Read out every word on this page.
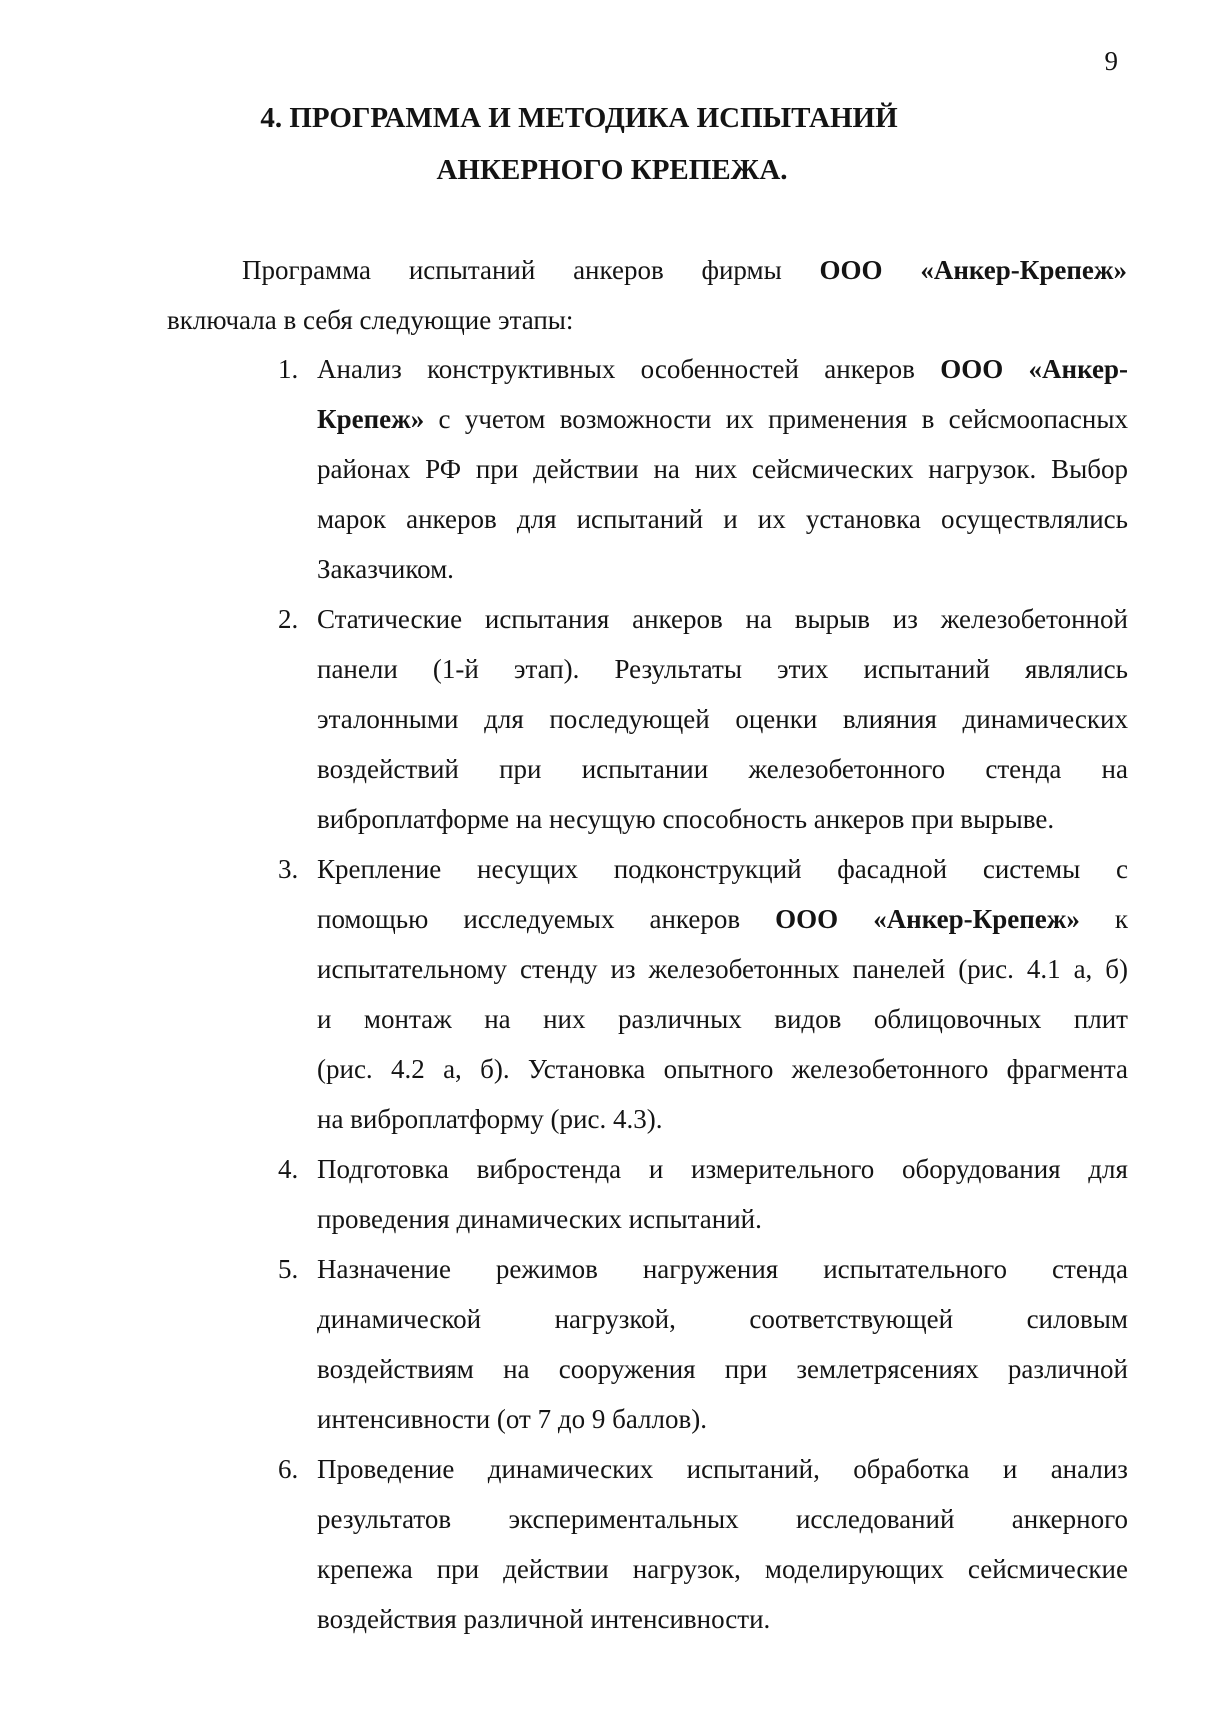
9
4. ПРОГРАММА И МЕТОДИКА ИСПЫТАНИЙ
АНКЕРНОГО КРЕПЕЖА.
Программа испытаний анкеров фирмы ООО «Анкер-Крепеж»
включала в себя следующие этапы:
1. Анализ конструктивных особенностей анкеров ООО «Анкер-
Крепеж» с учетом возможности их применения в сейсмоопасных
районах РФ при действии на них сейсмических нагрузок. Выбор
марок анкеров для испытаний и их установка осуществлялись
Заказчиком.
2. Статические испытания анкеров на вырыв из железобетонной
панели (1-й этап). Результаты этих испытаний являлись
эталонными для последующей оценки влияния динамических
воздействий при испытании железобетонного стенда на
виброплатформе на несущую способность анкеров при вырыве.
3. Крепление несущих подконструкций фасадной системы с
помощью исследуемых анкеров ООО «Анкер-Крепеж» к
испытательному стенду из железобетонных панелей (рис. 4.1 а, б)
и монтаж на них различных видов облицовочных плит
(рис. 4.2 а, б). Установка опытного железобетонного фрагмента
на виброплатформу (рис. 4.3).
4. Подготовка вибростенда и измерительного оборудования для
проведения динамических испытаний.
5. Назначение режимов нагружения испытательного стенда
динамической	нагрузкой,	соответствующей	силовым
воздействиям на сооружения при землетрясениях различной
интенсивности (от 7 до 9 баллов).
6. Проведение динамических испытаний, обработка и анализ
результатов экспериментальных исследований анкерного
крепежа при действии нагрузок, моделирующих сейсмические
воздействия различной интенсивности.
